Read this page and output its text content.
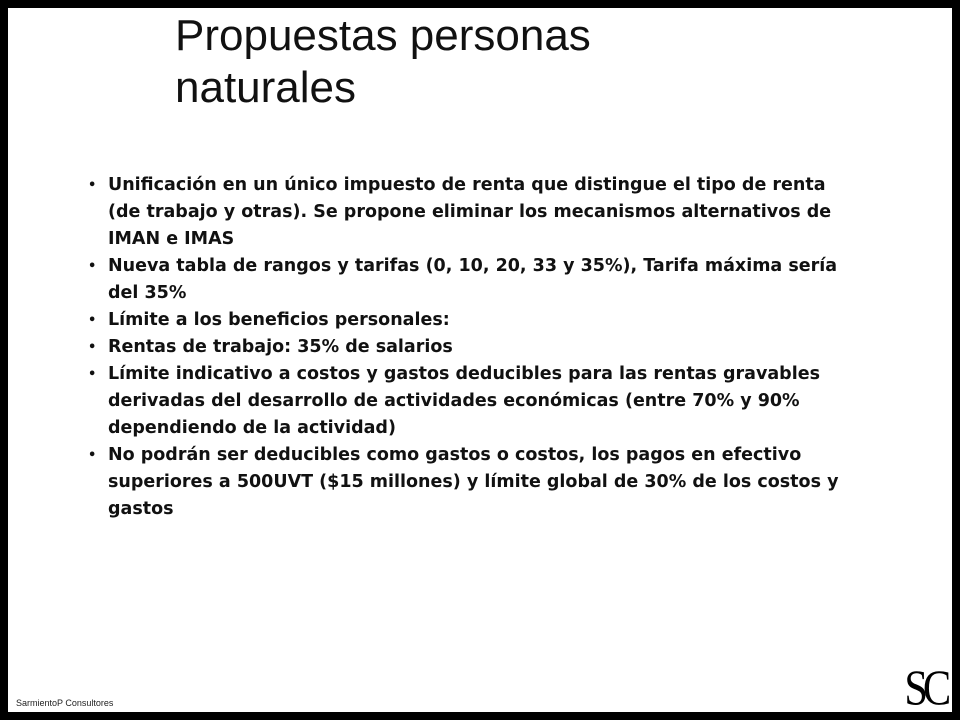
Propuestas personas naturales
• Unificación en un único impuesto de renta que distingue el tipo de renta (de trabajo y otras). Se propone eliminar los mecanismos alternativos de IMAN e IMAS
• Nueva tabla de rangos y tarifas (0, 10, 20, 33 y 35%), Tarifa máxima sería del 35%
• Límite a los beneficios personales:
• Rentas de trabajo: 35% de salarios
• Límite indicativo a costos y gastos deducibles para las rentas gravables derivadas del desarrollo de actividades económicas (entre 70% y 90% dependiendo de la actividad)
• No podrán ser deducibles como gastos o costos, los pagos en efectivo superiores a 500UVT ($15 millones) y límite global de 30% de los costos y gastos
SarmientoP Consultores	SC
